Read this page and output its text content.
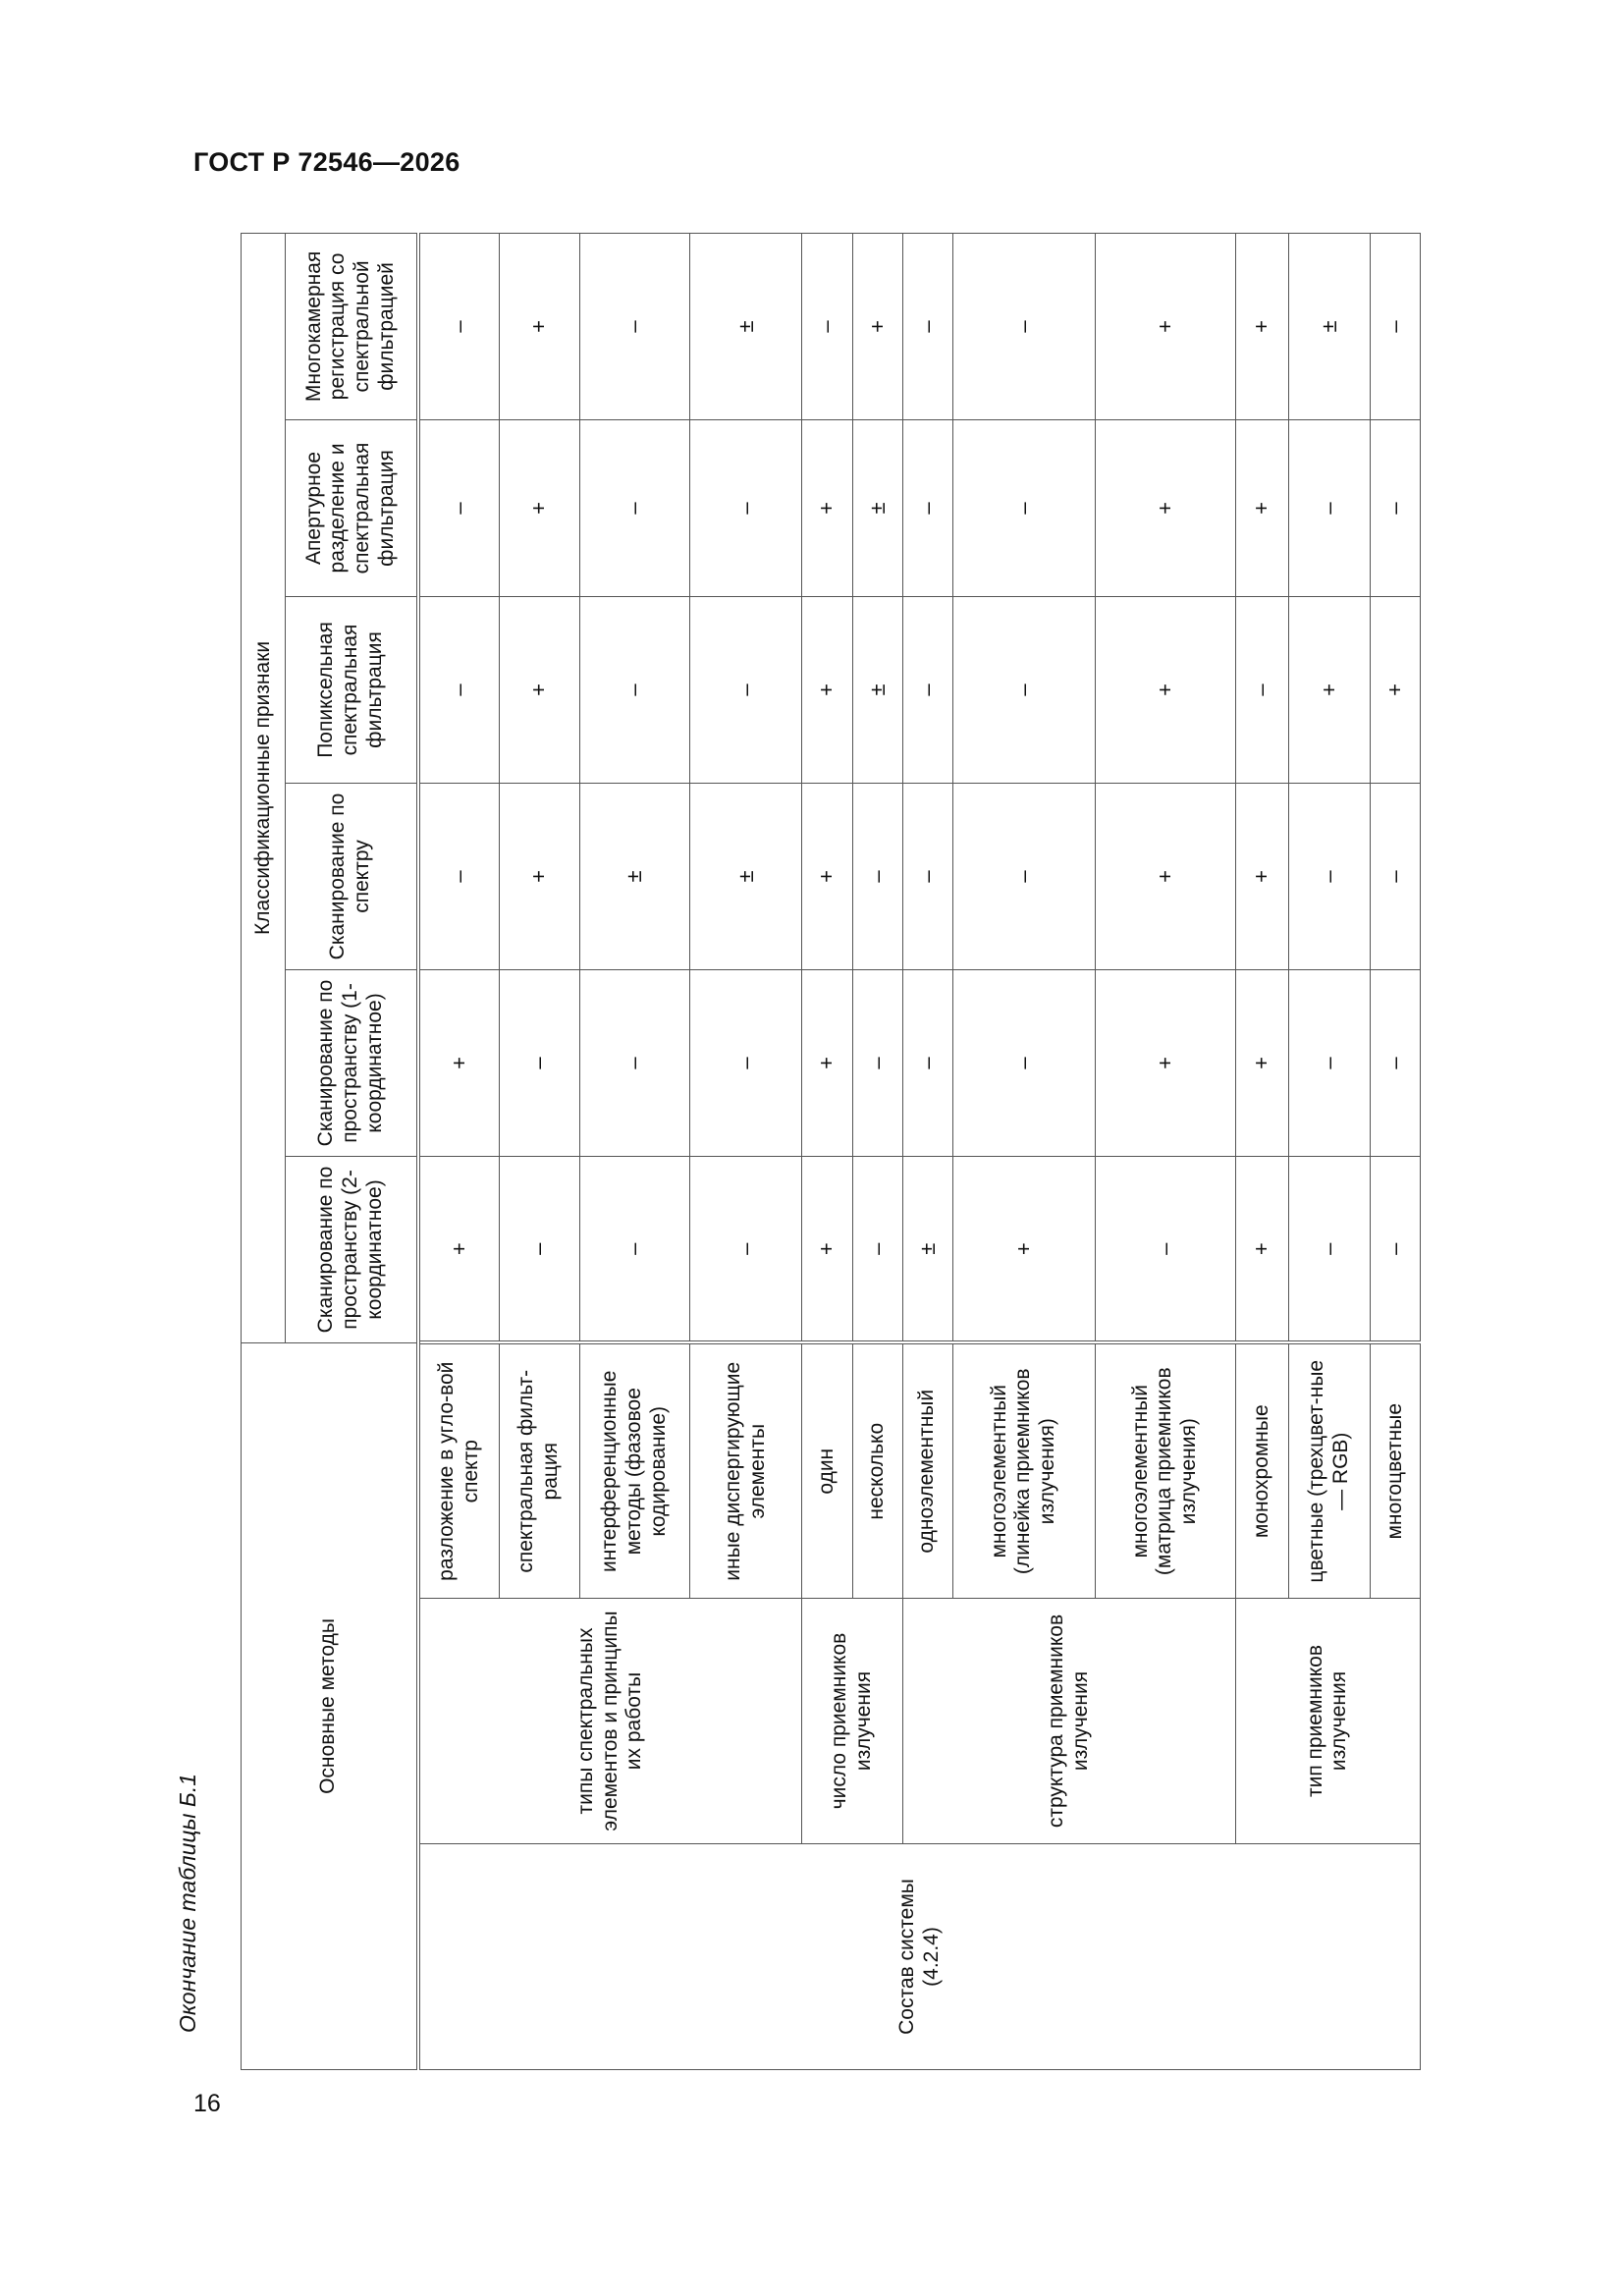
ГОСТ Р 72546—2026
Окончание таблицы Б.1
16
Основные методы			Классификационные признаки					
			Сканирование по пространству (2-координатное)	Сканирование по пространству (1-координатное)	Сканирование по спектру	Попиксельная спектральная фильтрация	Апертурное разделение и спектральная фильтрация	Многокамерная регистрация со спектральной фильтрацией
Состав системы (4.2.4)	типы спектральных элементов и принципы их работы	разложение в угло-вой спектр	+	+	–	–	–	–
		спектральная фильт-рация	–	–	+	+	+	+
		интерференционные методы (фазовое кодирование)	–	–	±	–	–	–
		иные диспергирующие элементы	–	–	±	–	–	±
	число приемников излучения	один	+	+	+	+	+	–
		несколько	–	–	–	±	±	+
	структура приемников излучения	одноэлементный	±	–	–	–	–	–
		многоэлементный (линейка приемников излучения)	+	–	–	–	–	–
		многоэлементный (матрица приемников излучения)	–	+	+	+	+	+
	тип приемников излучения	монохромные	+	+	+	–	+	+
		цветные (трехцвет-ные — RGB)	–	–	–	+	–	±
		многоцветные	–	–	–	+	–	–
